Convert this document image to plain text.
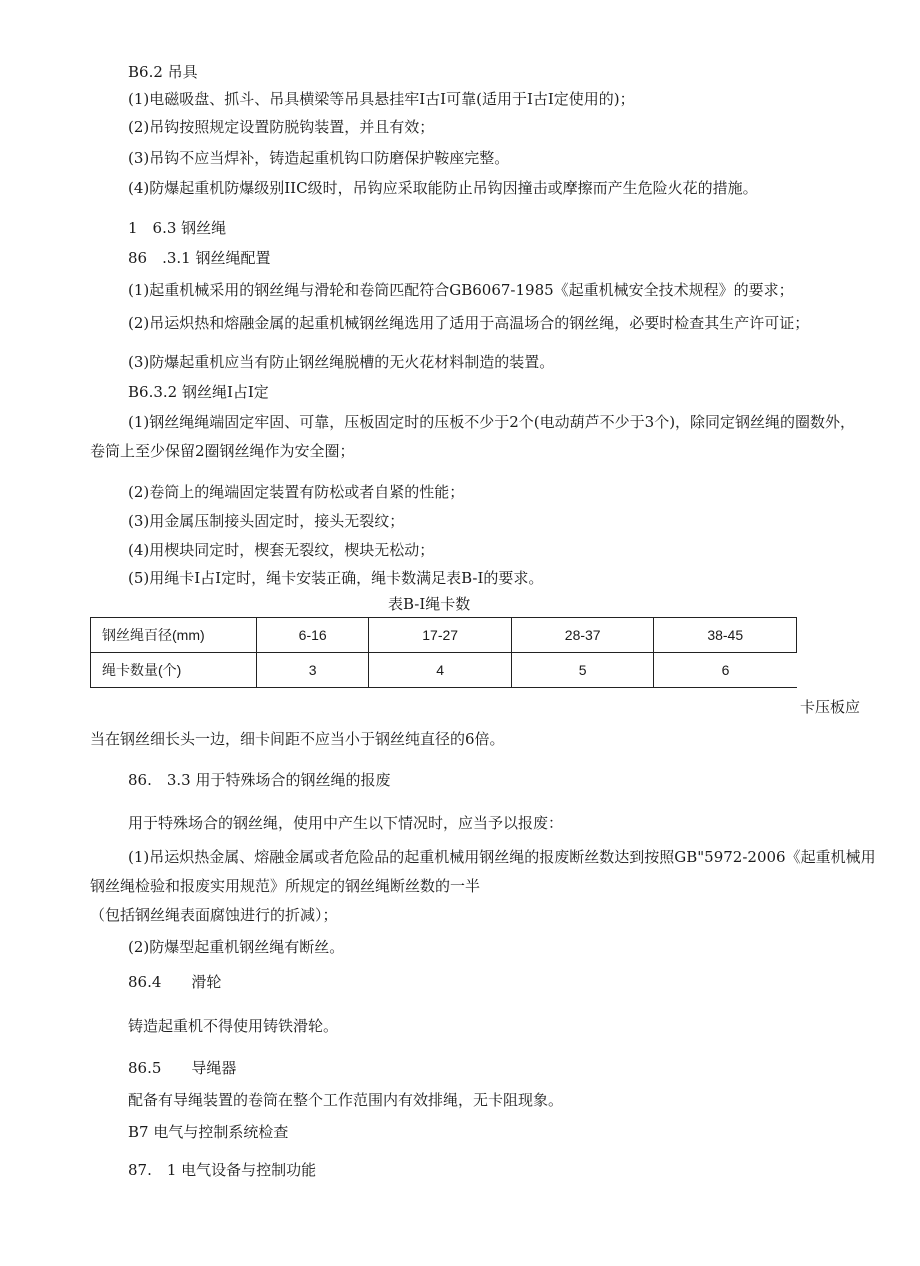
B6.2 吊具
(1)电磁吸盘、抓斗、吊具横梁等吊具悬挂牢I古I可靠(适用于I古I定使用的)；
(2)吊钩按照规定设置防脱钩装置，并且有效；
(3)吊钩不应当焊补，铸造起重机钩口防磨保护鞍座完整。
(4)防爆起重机防爆级别IIC级时，吊钩应采取能防止吊钩因撞击或摩擦而产生危险火花的措施。
1　6.3 钢丝绳
86　.3.1 钢丝绳配置
(1)起重机械采用的钢丝绳与滑轮和卷筒匹配符合GB6067-1985《起重机械安全技术规程》的要求；
(2)吊运炽热和熔融金属的起重机械钢丝绳选用了适用于高温场合的钢丝绳，必要时检查其生产许可证；
(3)防爆起重机应当有防止钢丝绳脱槽的无火花材料制造的装置。
B6.3.2 钢丝绳I占I定
(1)钢丝绳绳端固定牢固、可靠，压板固定时的压板不少于2个(电动葫芦不少于3个)，除同定钢丝绳的圈数外，
卷筒上至少保留2圈钢丝绳作为安全圈；
(2)卷筒上的绳端固定装置有防松或者自紧的性能；
(3)用金属压制接头固定时，接头无裂纹；
(4)用楔块同定时，楔套无裂纹，楔块无松动；
(5)用绳卡I占I定时，绳卡安装正确，绳卡数满足表B-I的要求。
表B-I绳卡数
钢丝绳百径(mm)	6-16	17-27	28-37	38-45
绳卡数量(个)	3	4	5	6
卡压板应
当在钢丝细长头一边，细卡间距不应当小于钢丝纯直径的6倍。
86.　3.3 用于特殊场合的钢丝绳的报废
用于特殊场合的钢丝绳，使用中产生以下情况时，应当予以报废：
(1)吊运炽热金属、熔融金属或者危险品的起重机械用钢丝绳的报废断丝数达到按照GB"5972-2006《起重机械用
钢丝绳检验和报废实用规范》所规定的钢丝绳断丝数的一半
（包括钢丝绳表面腐蚀进行的折减）；
(2)防爆型起重机钢丝绳有断丝。
86.4　　滑轮
铸造起重机不得使用铸铁滑轮。
86.5　　导绳器
配备有导绳装置的卷筒在整个工作范围内有效排绳，无卡阻现象。
B7 电气与控制系统检查
87.　1 电气设备与控制功能
